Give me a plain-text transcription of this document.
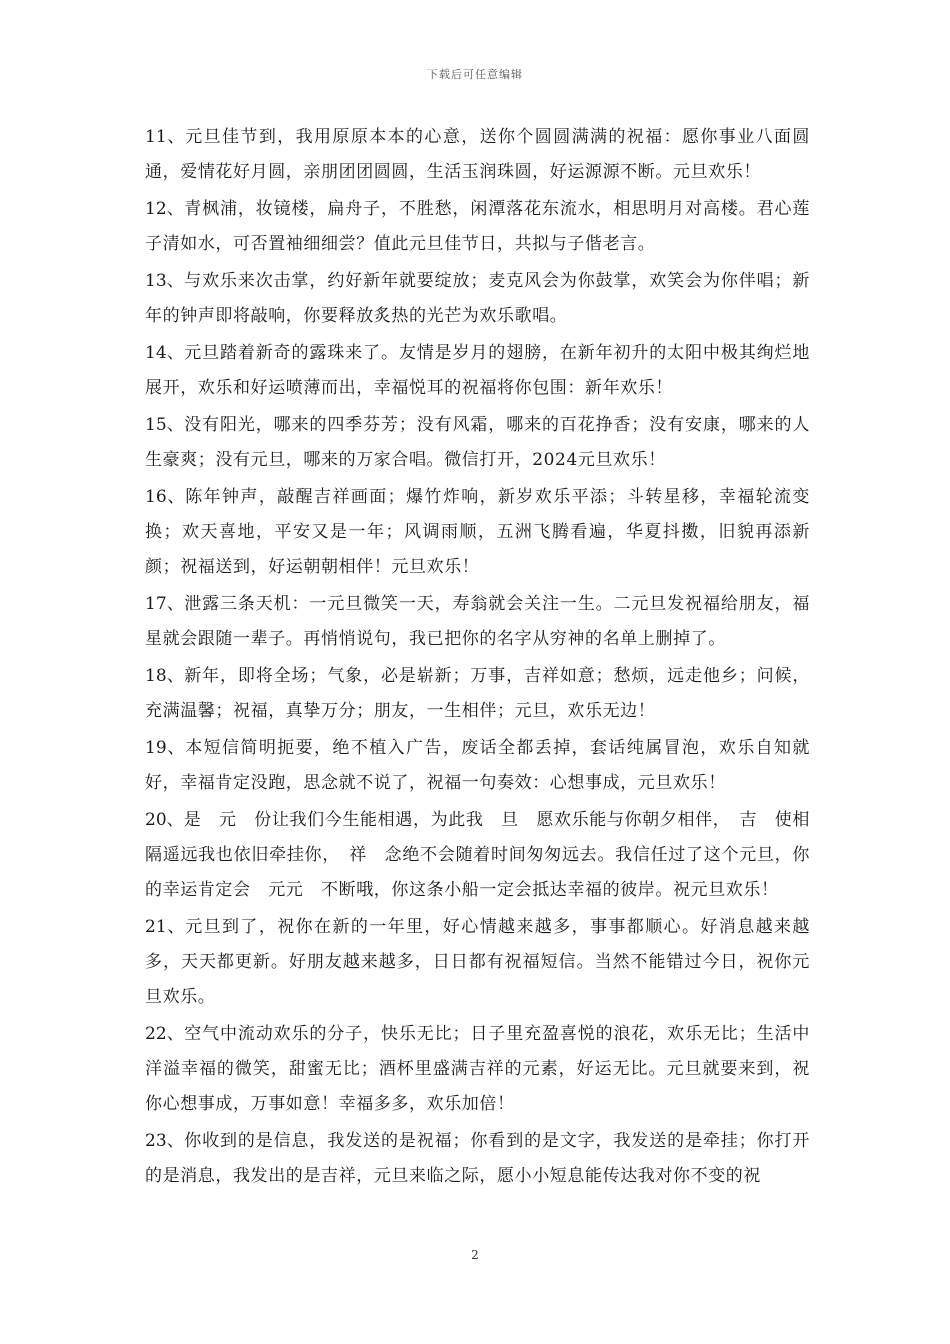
下载后可任意编辑

11、元旦佳节到，我用原原本本的心意，送你个圆圆满满的祝福：愿你事业八面圆通，爱情花好月圆，亲朋团团圆圆，生活玉润珠圆，好运源源不断。元旦欢乐！

12、青枫浦，妆镜楼，扁舟子，不胜愁，闲潭落花东流水，相思明月对高楼。君心莲子清如水，可否置袖细细尝？值此元旦佳节日，共拟与子偕老言。

13、与欢乐来次击掌，约好新年就要绽放；麦克风会为你鼓掌，欢笑会为你伴唱；新年的钟声即将敲响，你要释放炙热的光芒为欢乐歌唱。

14、元旦踏着新奇的露珠来了。友情是岁月的翅膀，在新年初升的太阳中极其绚烂地展开，欢乐和好运喷薄而出，幸福悦耳的祝福将你包围：新年欢乐！

15、没有阳光，哪来的四季芬芳；没有风霜，哪来的百花挣香；没有安康，哪来的人生豪爽；没有元旦，哪来的万家合唱。微信打开，2024元旦欢乐！

16、陈年钟声，敲醒吉祥画面；爆竹炸响，新岁欢乐平添；斗转星移，幸福轮流变换；欢天喜地，平安又是一年；风调雨顺，五洲飞腾看遍，华夏抖擞，旧貌再添新颜；祝福送到，好运朝朝相伴！元旦欢乐！

17、泄露三条天机：一元旦微笑一天，寿翁就会关注一生。二元旦发祝福给朋友，福星就会跟随一辈子。再悄悄说句，我已把你的名字从穷神的名单上删掉了。

18、新年，即将全场；气象，必是崭新；万事，吉祥如意；愁烦，远走他乡；问候，充满温馨；祝福，真挚万分；朋友，一生相伴；元旦，欢乐无边！

19、本短信简明扼要，绝不植入广告，废话全都丢掉，套话纯属冒泡，欢乐自知就好，幸福肯定没跑，思念就不说了，祝福一句奏效：心想事成，元旦欢乐！

20、是　元　份让我们今生能相遇，为此我　旦　愿欢乐能与你朝夕相伴，　吉　使相隔遥远我也依旧牵挂你，　祥　念绝不会随着时间匆匆远去。我信任过了这个元旦，你的幸运肯定会　元元　不断哦，你这条小船一定会抵达幸福的彼岸。祝元旦欢乐！

21、元旦到了，祝你在新的一年里，好心情越来越多，事事都顺心。好消息越来越多，天天都更新。好朋友越来越多，日日都有祝福短信。当然不能错过今日，祝你元旦欢乐。

22、空气中流动欢乐的分子，快乐无比；日子里充盈喜悦的浪花，欢乐无比；生活中洋溢幸福的微笑，甜蜜无比；酒杯里盛满吉祥的元素，好运无比。元旦就要来到，祝你心想事成，万事如意！幸福多多，欢乐加倍！

23、你收到的是信息，我发送的是祝福；你看到的是文字，我发送的是牵挂；你打开的是消息，我发出的是吉祥，元旦来临之际，愿小小短息能传达我对你不变的祝

2
